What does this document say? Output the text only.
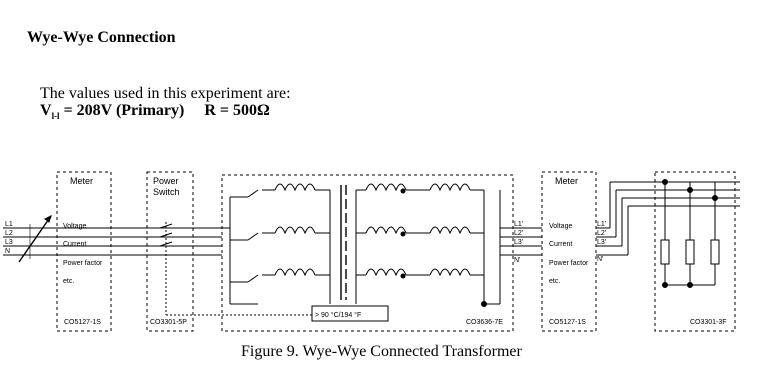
Wye-Wye Connection
The values used in this experiment are:
$V_{l-l} = 208V$ (Primary) R = 500Ω
L1
L2
L3
N
Meter
Voltage
Current
Power factor
etc.
CO5127-1S
Power
Switch
CO3301-5P
> 90 °C/194 °F
CO3636-7E
L1'
L2'
L3'
N'
Meter
Voltage
Current
Power factor
etc.
CO5127-1S
L1'
L2'
L3'
N'
CO3301-3F
Figure 9. Wye-Wye Connected Transformer
